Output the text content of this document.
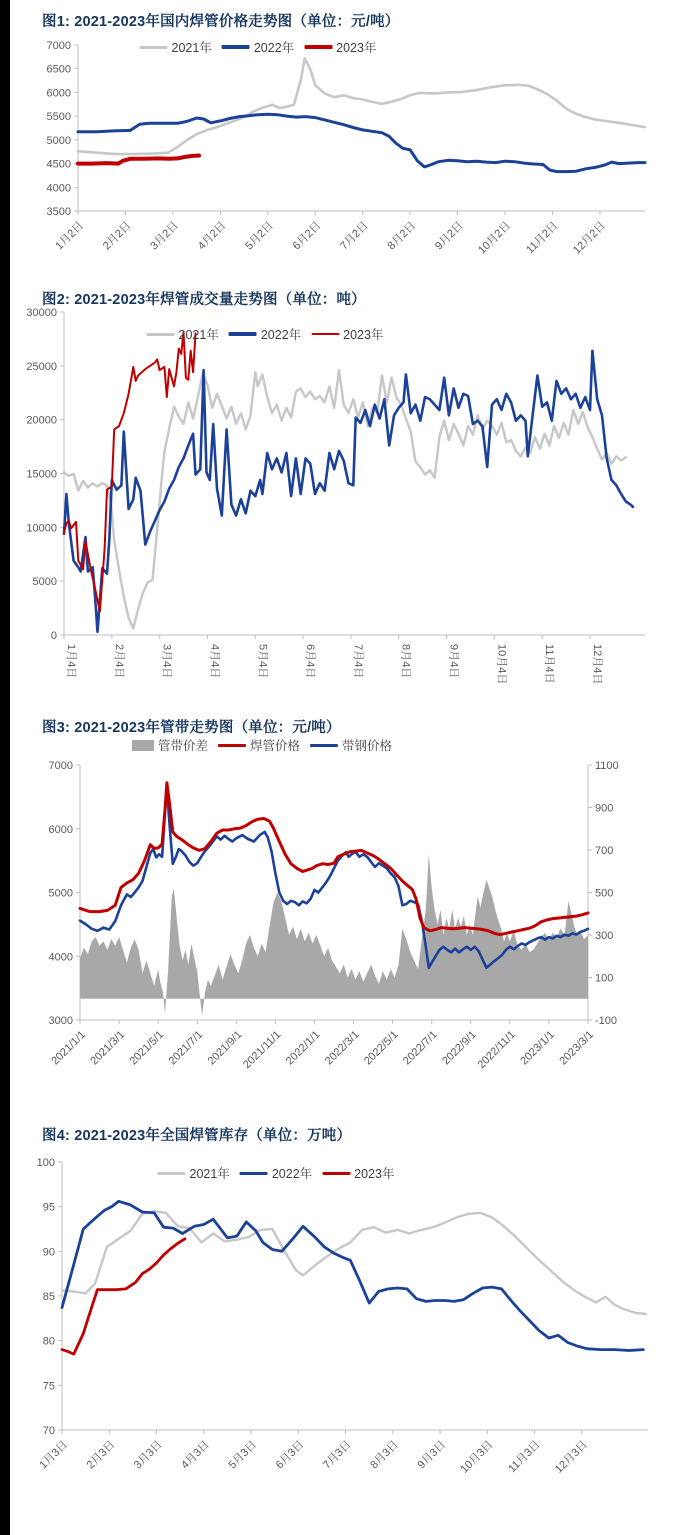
图1: 2021-2023年国内焊管价格走势图（单位：元/吨）
2021年	2022年	2023年
3500
4000
4500
5000
5500
6000
6500
7000
1月2日 2月2日 3月2日 4月2日 5月2日 6月2日 7月2日 8月2日 9月2日 10月2日 11月2日 12月2日
图2: 2021-2023年焊管成交量走势图（单位：吨）
2021年	2022年	2023年
0
5000
10000
15000
20000
25000
30000
1月4日	2月4日	3月4日	4月4日	5月4日	6月4日	7月4日	8月4日	9月4日	10月4日	11月4日	12月4日
图3: 2021-2023年管带走势图（单位：元/吨）
管带价差	焊管价格	带钢价格
3000
4000
5000
6000
7000
2021/1/1 2021/3/1 2021/5/1 2021/7/1 2021/9/1
2021/11/1 2022/1/1 2022/3/1 2022/5/1 2022/7/1 2022/9/1
2022/11/1 2023/1/1 2023/3/1
-100
100
300
500
700
900
1100
图4: 2021-2023年全国焊管库存（单位：万吨）
2021年	2022年	2023年
70
75
80
85
90
95
100
1月3日 2月3日 3月3日 4月3日 5月3日 6月3日 7月3日 8月3日 9月3日 10月3日 11月3日 12月3日
